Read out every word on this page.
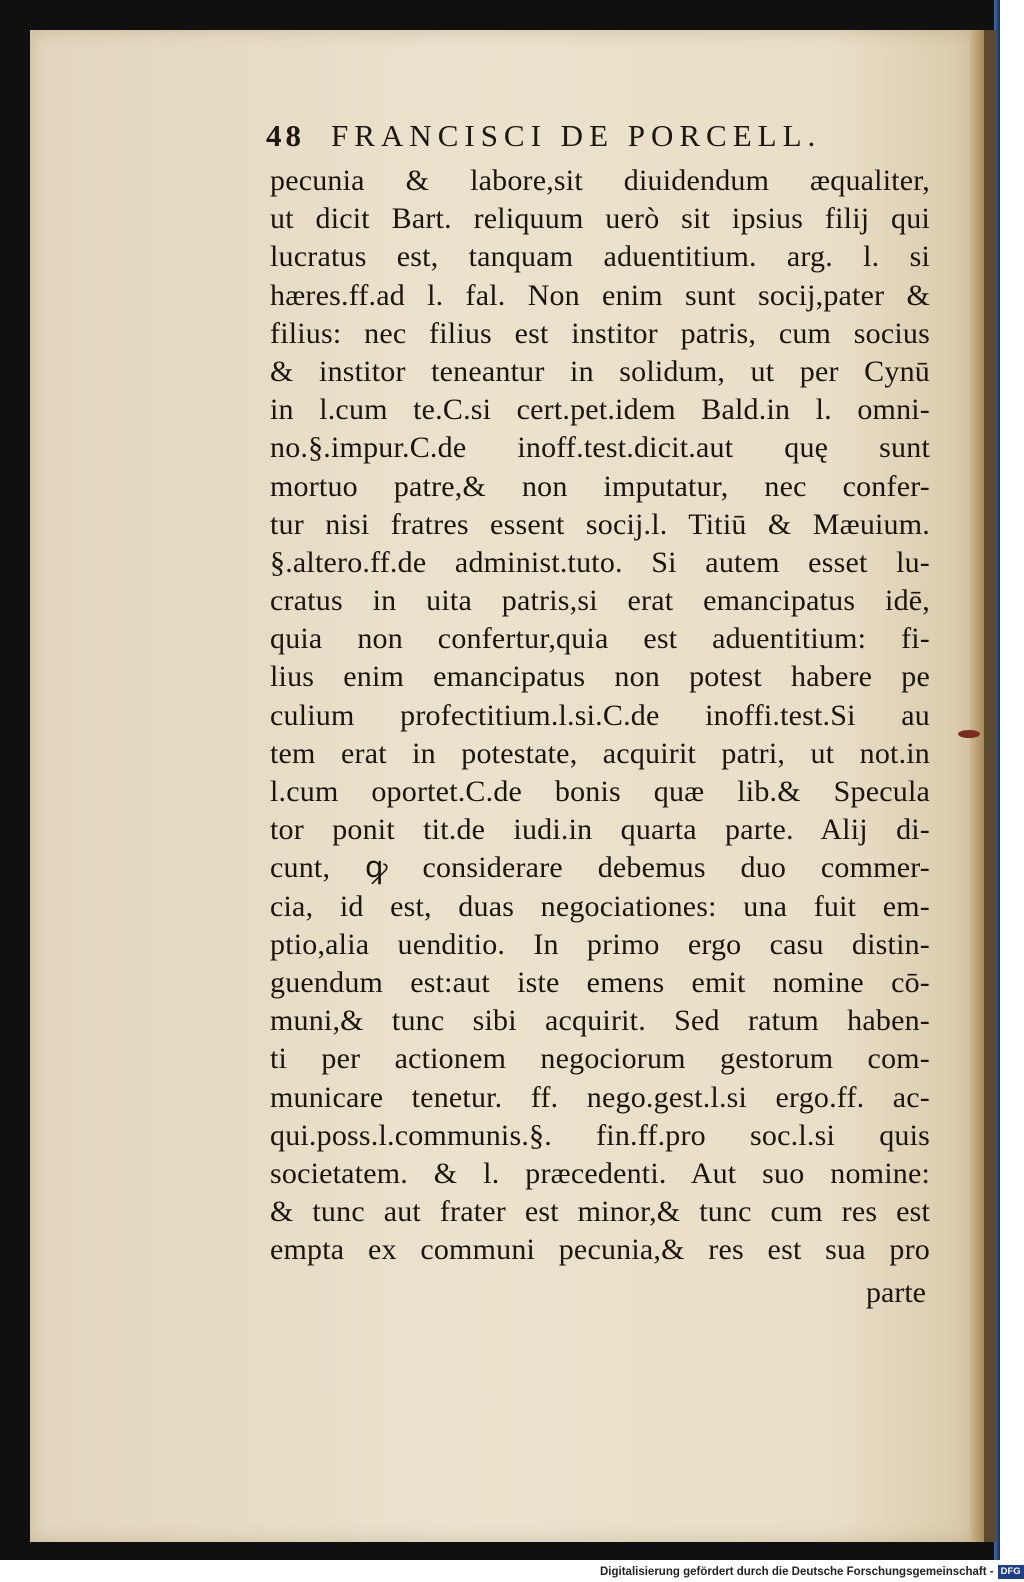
48 FRANCISCI DE PORCELL.
pecunia & labore,sit diuidendum æqualiter,
ut dicit Bart. reliquum uerò sit ipsius filij qui
lucratus est, tanquam aduentitium. arg. l. si
hæres.ff.ad l. fal. Non enim sunt socij,pater &
filius: nec filius est institor patris, cum socius
& institor teneantur in solidum, ut per Cynū
in l.cum te.C.si cert.pet.idem Bald.in l. omni-
no.§.impur.C.de inoff.test.dicit.aut quę sunt
mortuo patre,& non imputatur, nec confer-
tur nisi fratres essent socij.l. Titiū & Mæuium.
§.altero.ff.de administ.tuto. Si autem esset lu-
cratus in uita patris,si erat emancipatus idē,
quia non confertur,quia est aduentitium: fi-
lius enim emancipatus non potest habere pe
culium profectitium.l.si.C.de inoffi.test.Si au
tem erat in potestate, acquirit patri, ut not.in
l.cum oportet.C.de bonis quæ lib.& Specula
tor ponit tit.de iudi.in quarta parte. Alij di-
cunt, ꝙ considerare debemus duo commer-
cia, id est, duas negociationes: una fuit em-
ptio,alia uenditio. In primo ergo casu distin-
guendum est:aut iste emens emit nomine cō-
muni,& tunc sibi acquirit. Sed ratum haben-
ti per actionem negociorum gestorum com-
municare tenetur. ff. nego.gest.l.si ergo.ff. ac-
qui.poss.l.communis.§. fin.ff.pro soc.l.si quis
societatem. & l. præcedenti. Aut suo nomine:
& tunc aut frater est minor,& tunc cum res est
empta ex communi pecunia,& res est sua pro
parte
Digitalisierung gefördert durch die Deutsche Forschungsgemeinschaft - DFG
